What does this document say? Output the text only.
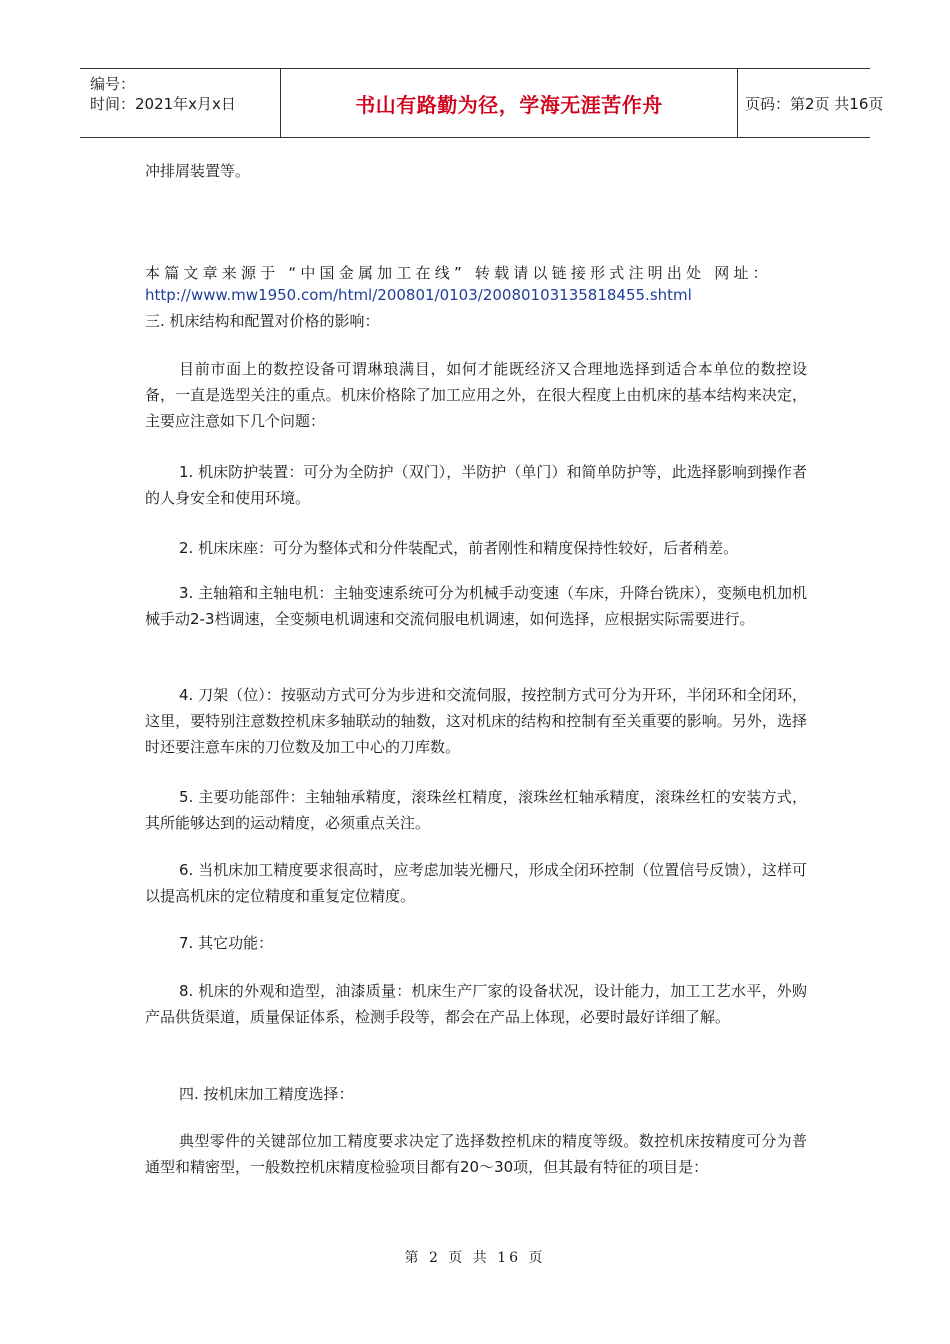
编号：
时间：2021年x月x日	书山有路勤为径，学海无涯苦作舟	页码：第2页 共16页
冲排屑装置等。
本篇文章来源于 “中国金属加工在线” 转载请以链接形式注明出处 网址：
http://www.mw1950.com/html/200801/0103/20080103135818455.shtml
三. 机床结构和配置对价格的影响：
目前市面上的数控设备可谓琳琅满目，如何才能既经济又合理地选择到适合本单位的数控设备，一直是选型关注的重点。机床价格除了加工应用之外，在很大程度上由机床的基本结构来决定，主要应注意如下几个问题：
1. 机床防护装置：可分为全防护（双门），半防护（单门）和简单防护等，此选择影响到操作者的人身安全和使用环境。
2. 机床床座：可分为整体式和分件装配式，前者刚性和精度保持性较好，后者稍差。
3. 主轴箱和主轴电机：主轴变速系统可分为机械手动变速（车床，升降台铣床），变频电机加机械手动2-3档调速，全变频电机调速和交流伺服电机调速，如何选择，应根据实际需要进行。
4. 刀架（位）：按驱动方式可分为步进和交流伺服，按控制方式可分为开环，半闭环和全闭环，这里，要特别注意数控机床多轴联动的轴数，这对机床的结构和控制有至关重要的影响。另外，选择时还要注意车床的刀位数及加工中心的刀库数。
5. 主要功能部件：主轴轴承精度，滚珠丝杠精度，滚珠丝杠轴承精度，滚珠丝杠的安装方式，其所能够达到的运动精度，必须重点关注。
6. 当机床加工精度要求很高时，应考虑加装光栅尺，形成全闭环控制（位置信号反馈），这样可以提高机床的定位精度和重复定位精度。
7. 其它功能：
8. 机床的外观和造型，油漆质量：机床生产厂家的设备状况，设计能力，加工工艺水平，外购产品供货渠道，质量保证体系，检测手段等，都会在产品上体现，必要时最好详细了解。
四. 按机床加工精度选择：
典型零件的关键部位加工精度要求决定了选择数控机床的精度等级。数控机床按精度可分为普通型和精密型，一般数控机床精度检验项目都有20～30项，但其最有特征的项目是：
第 2 页 共 16 页
